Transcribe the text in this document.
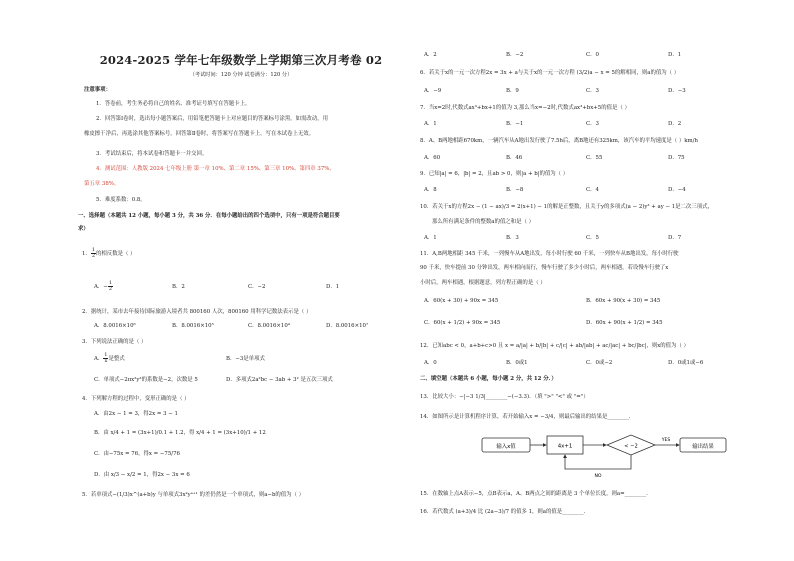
2024-2025 学年七年级数学上学期第三次月考卷 02
（考试时间：120 分钟 试卷满分：120 分）
注意事项：
1．答卷前，考生务必将自己的姓名、准考证号填写在答题卡上。
2．回答第Ⅰ卷时，选出每小题答案后，用铅笔把答题卡上对应题目的答案标号涂黑。如需改动，用
橡皮擦干净后，再选涂其他答案标号。回答第Ⅱ卷时，将答案写在答题卡上。写在本试卷上无效。
3．考试结束后，将本试卷和答题卡一并交回。
4．测试范围：人教版 2024 七年级上册 第一章 10%、第二章 15%、第三章 10%、第四章 37%、
第五章 38%。
5．难度系数：0.8。
一、选择题（本题共 12 小题，每小题 3 分，共 36 分．在每小题给出的四个选项中，只有一项是符合题目要
求）
1． $\frac{1}{2}$ 的相反数是（ ）
A．− $\frac{1}{2}$	B．2	C．−2	D．1
2．据统计，某市去年接待国际旅游入境者共 800160 人次，800160 用科学记数法表示是（ ）
A．8.0016×10⁶	B．8.0016×10⁵	C．8.0016×10⁴	D．8.0016×10⁷
3．下列说法正确的是（ ）
A． $\frac{1}{x}$ 是整式	B．−3是单项式
C．单项式−2πx²y³的系数是−2，次数是 5	D．多项式2a²bc − 3ab + 3² 是五次三项式
4．下列解方程的过程中，变形正确的是（ ）
A．由2x − 1 = 3，得2x = 3 − 1
B．由 x/4 + 1 = (3x+1)/0.1 + 1.2，得 x/4 + 1 = (3x+10)/1 + 12
C．由−75x = 76，得x = −75/76
D．由 x/3 − x/2 = 1，得2x − 3x = 6
5．若单项式−(1/3)x^(a+b)y 与单项式3x²yᵃ⁺¹ 的差仍然是一个单项式，则a−b的值为（ ）
A．2	B．−2	C．0	D．1
6．若关于x的一元一次方程2x = 3x + a与关于x的一元一次方程 (3/2)a − x = 5的解相同，则a的值为（ ）
A．−9	B．9	C．3	D．−3
7．当x=2时,代数式ax³+bx+1的值为 3,那么当x=−2时,代数式ax³+bx+5的值是（ ）
A．1	B．−1	C．3	D．2
8．A、B两地相距670km，一辆汽车从A地出发行驶了7.5h后，离B地还有325km，该汽车的平均速度是（ ）km/h
A．60	B．46	C．55	D．75
9．已知|a| = 6，|b| = 2，且ab > 0，则|a + b|的值为（ ）
A．8	B．−8	C．4	D．−4
10．若关于x的方程2x − (1 − ax)/3 = 2(x+1) − 1的解是正整数，且关于y的多项式(a − 2)y³ + ay − 1是二次三项式，
那么所有满足条件的整数a的值之和是（ ）
A．1	B．3	C．5	D．7
11．A,B两地相距 345 千米，一列慢车从A地出发，每小时行驶 60 千米，一列快车从B地出发，每小时行驶
90 千米，快车提前 30 分钟出发，两车相向而行，慢车行驶了多少小时后，两车相遇，若设慢车行驶了x
小时后，两车相遇，根据题意，列方程正确的是（ ）
A．60(x + 30) + 90x = 345	B．60x + 90(x + 30) = 345
C．60(x + 1/2) + 90x = 345	D．60x + 90(x + 1/2) = 345
12．已知abc < 0，a+b+c>0 且 x = a/|a| + b/|b| + c/|c| + ab/|ab| + ac/|ac| + bc/|bc|，则x的值为（ ）
A．0	B．0或1	C．0或−2	D．0或1或−6
二、填空题（本题共 6 小题，每小题 2 分，共 12 分．）
13．比较大小：−|−3 1/3|________−(−3.3)．（填 ">" "<" 或 "="）
14．如图所示是计算机程序计算，若开始输入x = −3/4，则最后输出的结果是________．
输入x值	4x+1	< −2
YES
输出结果
NO
15．在数轴上点A表示−5，点B表示a，A、B两点之间的距离是 3 个单位长度，则a=________．
16．若代数式 (a+3)/4 比 (2a−3)/7 的值多 1，则a的值是________．
